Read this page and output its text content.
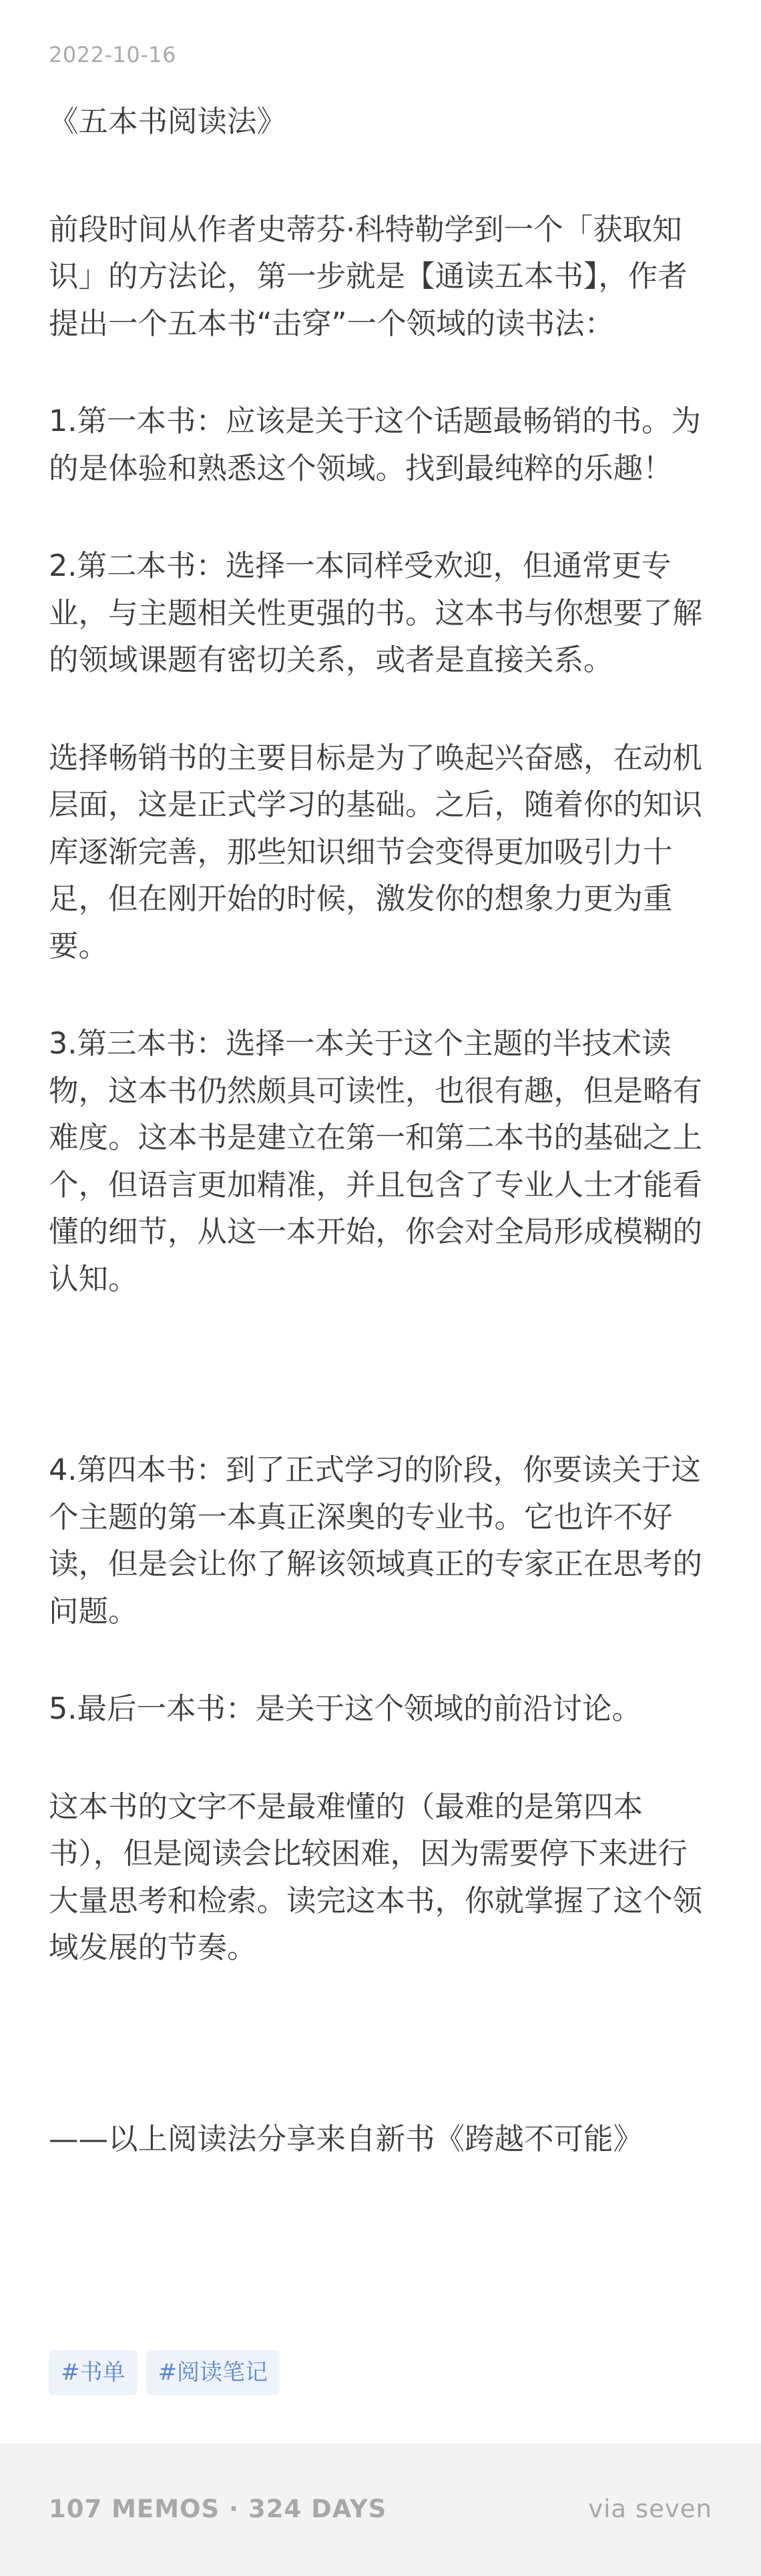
2022-10-16

《五本书阅读法》

前段时间从作者史蒂芬·科特勒学到一个「获取知识」的方法论，第一步就是【通读五本书】，作者提出一个五本书“击穿”一个领域的读书法：

1.第一本书：应该是关于这个话题最畅销的书。为的是体验和熟悉这个领域。找到最纯粹的乐趣！

2.第二本书：选择一本同样受欢迎，但通常更专业，与主题相关性更强的书。这本书与你想要了解的领域课题有密切关系，或者是直接关系。

选择畅销书的主要目标是为了唤起兴奋感，在动机层面，这是正式学习的基础。之后，随着你的知识库逐渐完善，那些知识细节会变得更加吸引力十足，但在刚开始的时候，激发你的想象力更为重要。

3.第三本书：选择一本关于这个主题的半技术读物，这本书仍然颇具可读性，也很有趣，但是略有难度。这本书是建立在第一和第二本书的基础之上个，但语言更加精准，并且包含了专业人士才能看懂的细节，从这一本开始，你会对全局形成模糊的认知。

4.第四本书：到了正式学习的阶段，你要读关于这个主题的第一本真正深奥的专业书。它也许不好读，但是会让你了解该领域真正的专家正在思考的问题。

5.最后一本书：是关于这个领域的前沿讨论。

这本书的文字不是最难懂的（最难的是第四本书），但是阅读会比较困难，因为需要停下来进行大量思考和检索。读完这本书，你就掌握了这个领域发展的节奏。

——以上阅读法分享来自新书《跨越不可能》

#书单	#阅读笔记
107 MEMOS · 324 DAYS	via seven
